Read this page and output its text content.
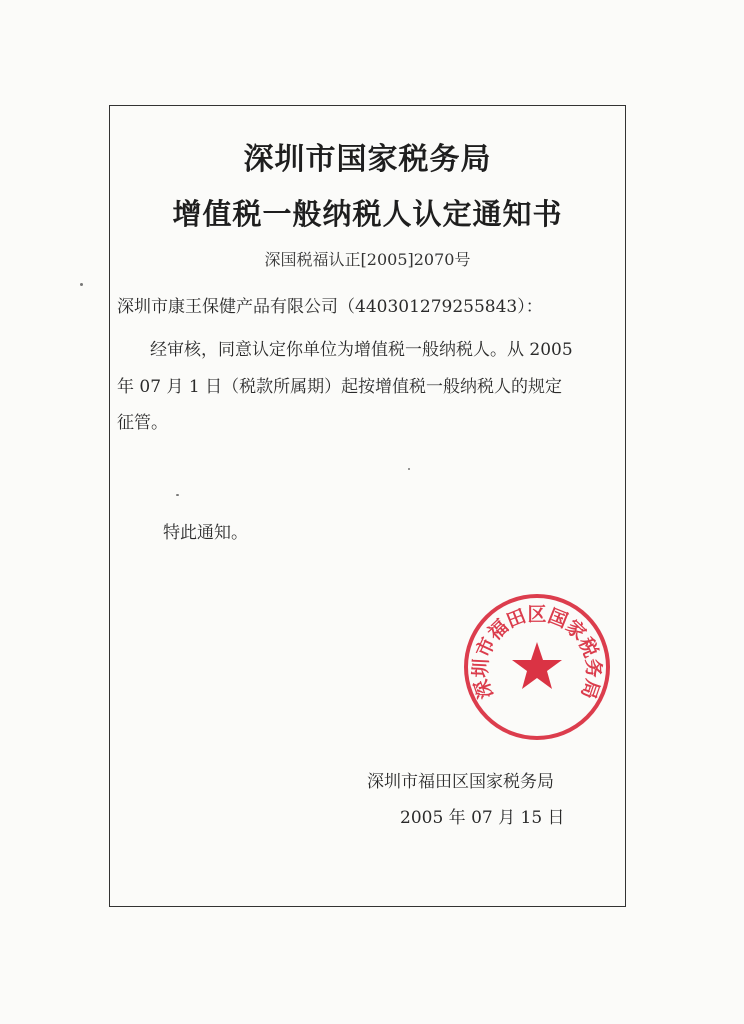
深圳市国家税务局
增值税一般纳税人认定通知书
深国税福认正[2005]2070号
深圳市康王保健产品有限公司（440301279255843）：
经审核，同意认定你单位为增值税一般纳税人。从 2005
年 07 月 1 日（税款所属期）起按增值税一般纳税人的规定
征管。
特此通知。
深圳市福田区国家税务局
深圳市福田区国家税务局
2005 年 07 月 15 日
